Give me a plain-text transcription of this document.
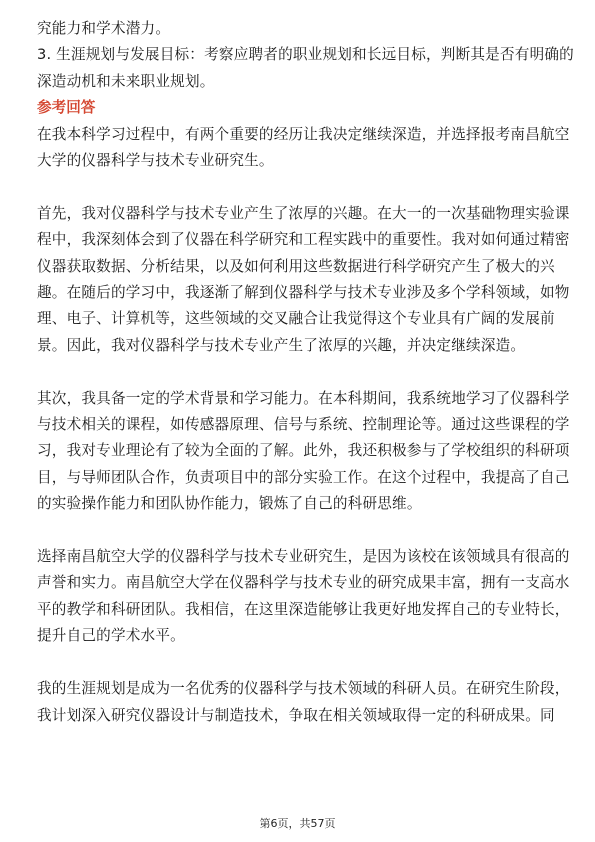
究能力和学术潜力。
3. 生涯规划与发展目标：考察应聘者的职业规划和长远目标，判断其是否有明确的
深造动机和未来职业规划。
参考回答
在我本科学习过程中，有两个重要的经历让我决定继续深造，并选择报考南昌航空
大学的仪器科学与技术专业研究生。
首先，我对仪器科学与技术专业产生了浓厚的兴趣。在大一的一次基础物理实验课
程中，我深刻体会到了仪器在科学研究和工程实践中的重要性。我对如何通过精密
仪器获取数据、分析结果，以及如何利用这些数据进行科学研究产生了极大的兴
趣。在随后的学习中，我逐渐了解到仪器科学与技术专业涉及多个学科领域，如物
理、电子、计算机等，这些领域的交叉融合让我觉得这个专业具有广阔的发展前
景。因此，我对仪器科学与技术专业产生了浓厚的兴趣，并决定继续深造。
其次，我具备一定的学术背景和学习能力。在本科期间，我系统地学习了仪器科学
与技术相关的课程，如传感器原理、信号与系统、控制理论等。通过这些课程的学
习，我对专业理论有了较为全面的了解。此外，我还积极参与了学校组织的科研项
目，与导师团队合作，负责项目中的部分实验工作。在这个过程中，我提高了自己
的实验操作能力和团队协作能力，锻炼了自己的科研思维。
选择南昌航空大学的仪器科学与技术专业研究生，是因为该校在该领域具有很高的
声誉和实力。南昌航空大学在仪器科学与技术专业的研究成果丰富，拥有一支高水
平的教学和科研团队。我相信，在这里深造能够让我更好地发挥自己的专业特长，
提升自己的学术水平。
我的生涯规划是成为一名优秀的仪器科学与技术领域的科研人员。在研究生阶段，
我计划深入研究仪器设计与制造技术，争取在相关领域取得一定的科研成果。同
第6页，共57页
